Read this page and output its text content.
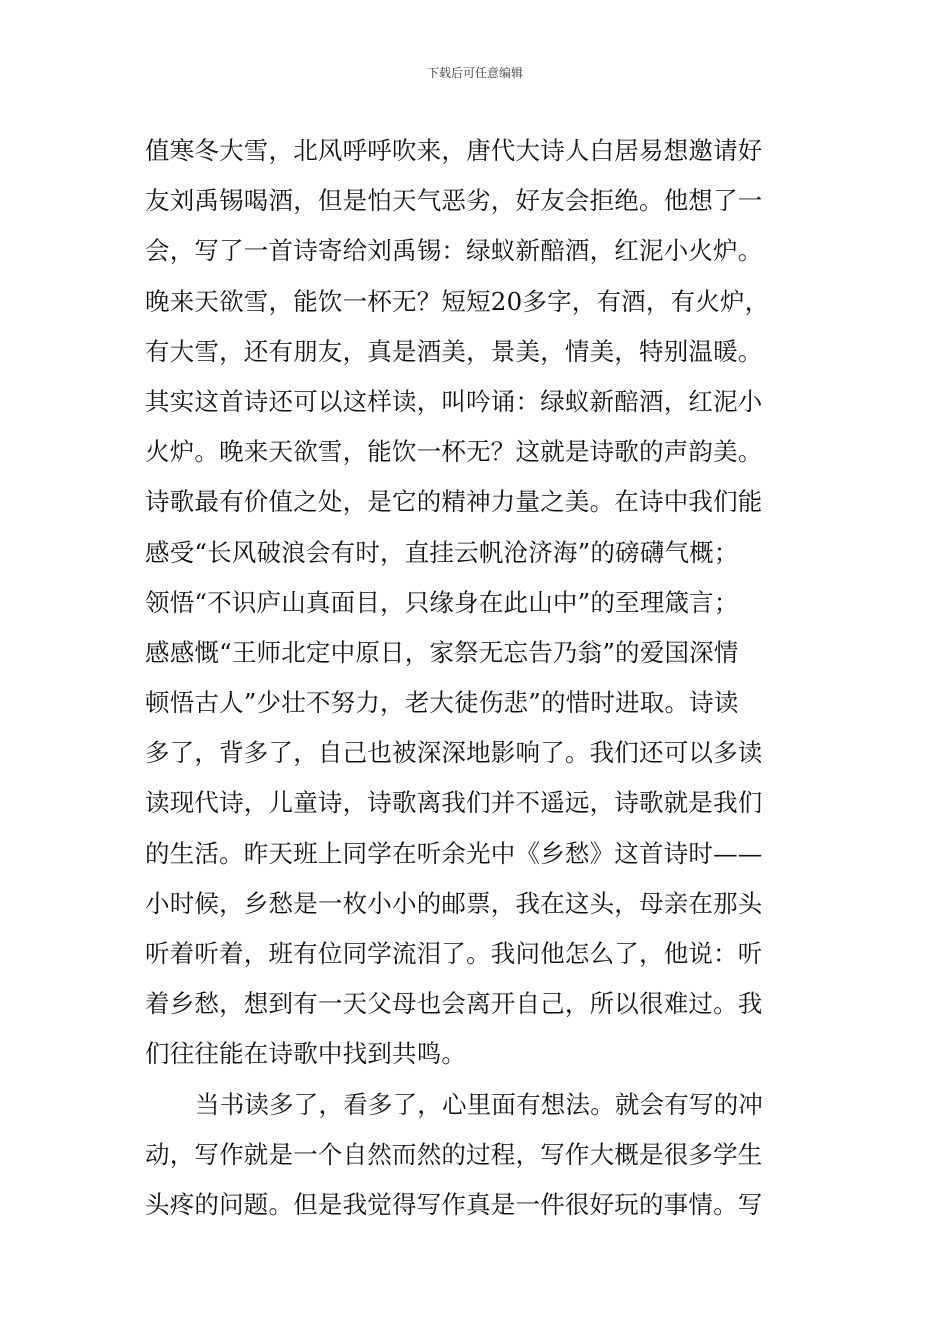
下载后可任意编辑
值寒冬大雪，北风呼呼吹来，唐代大诗人白居易想邀请好
友刘禹锡喝酒，但是怕天气恶劣，好友会拒绝。他想了一
会，写了一首诗寄给刘禹锡：绿蚁新醅酒，红泥小火炉。
晚来天欲雪，能饮一杯无？短短20多字，有酒，有火炉，
有大雪，还有朋友，真是酒美，景美，情美，特别温暖。
其实这首诗还可以这样读，叫吟诵：绿蚁新醅酒，红泥小
火炉。晚来天欲雪，能饮一杯无？这就是诗歌的声韵美。
诗歌最有价值之处，是它的精神力量之美。在诗中我们能
感受“长风破浪会有时，直挂云帆沧济海”的磅礴气概；
领悟“不识庐山真面目，只缘身在此山中”的至理箴言；
感感慨“王师北定中原日，家祭无忘告乃翁”的爱国深情
顿悟古人”少壮不努力，老大徒伤悲”的惜时进取。诗读
多了，背多了，自己也被深深地影响了。我们还可以多读
读现代诗，儿童诗，诗歌离我们并不遥远，诗歌就是我们
的生活。昨天班上同学在听余光中《乡愁》这首诗时——
小时候，乡愁是一枚小小的邮票，我在这头，母亲在那头
听着听着，班有位同学流泪了。我问他怎么了，他说：听
着乡愁，想到有一天父母也会离开自己，所以很难过。我
们往往能在诗歌中找到共鸣。
当书读多了，看多了，心里面有想法。就会有写的冲
动，写作就是一个自然而然的过程，写作大概是很多学生
头疼的问题。但是我觉得写作真是一件很好玩的事情。写
